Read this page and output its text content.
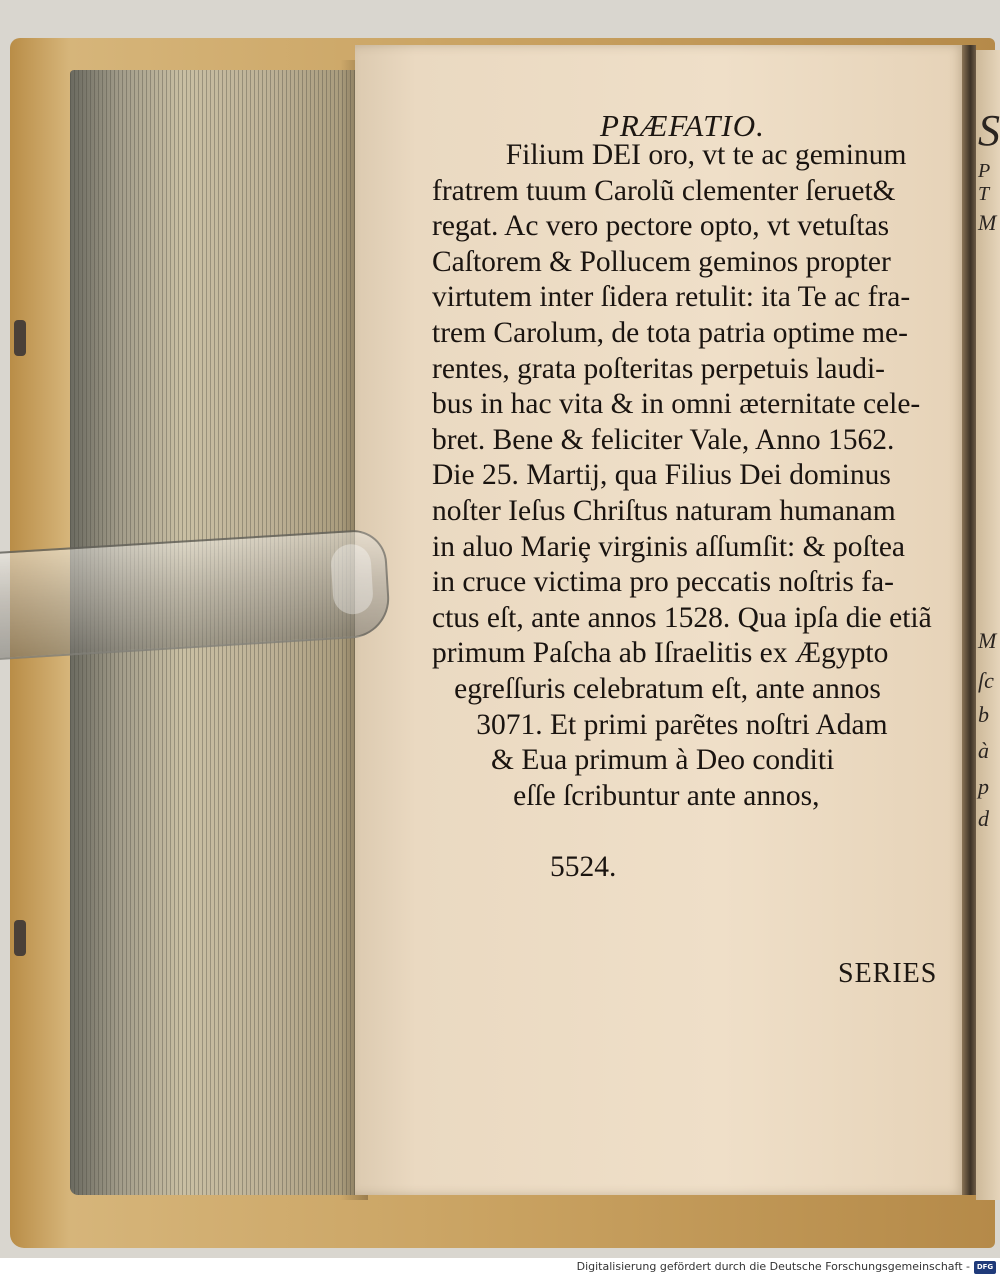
S
P T
M
M
ſc
b
à
p
d
PRÆFATIO.
Filium DEI oro, vt te ac geminum
fratrem tuum Carolũ clementer ſeruet&
regat. Ac vero pectore opto, vt vetuſtas
Caſtorem & Pollucem geminos propter
virtutem inter ſidera retulit: ita Te ac fra-
trem Carolum, de tota patria optime me-
rentes, grata poſteritas perpetuis laudi-
bus in hac vita & in omni æternitate cele-
bret. Bene & feliciter Vale, Anno 1562.
Die 25. Martij, qua Filius Dei dominus
noſter Ieſus Chriſtus naturam humanam
in aluo Mariȩ virginis aſſumſit: & poſtea
in cruce victima pro peccatis noſtris fa-
ctus eſt, ante annos 1528. Qua ipſa die etiã
primum Paſcha ab Iſraelitis ex Ægypto
egreſſuris celebratum eſt, ante annos
3071. Et primi parẽtes noſtri Adam
& Eua primum à Deo conditi
eſſe ſcribuntur ante annos,
5524.
SERIES
Digitalisierung gefördert durch die Deutsche Forschungsgemeinschaft - DFG
